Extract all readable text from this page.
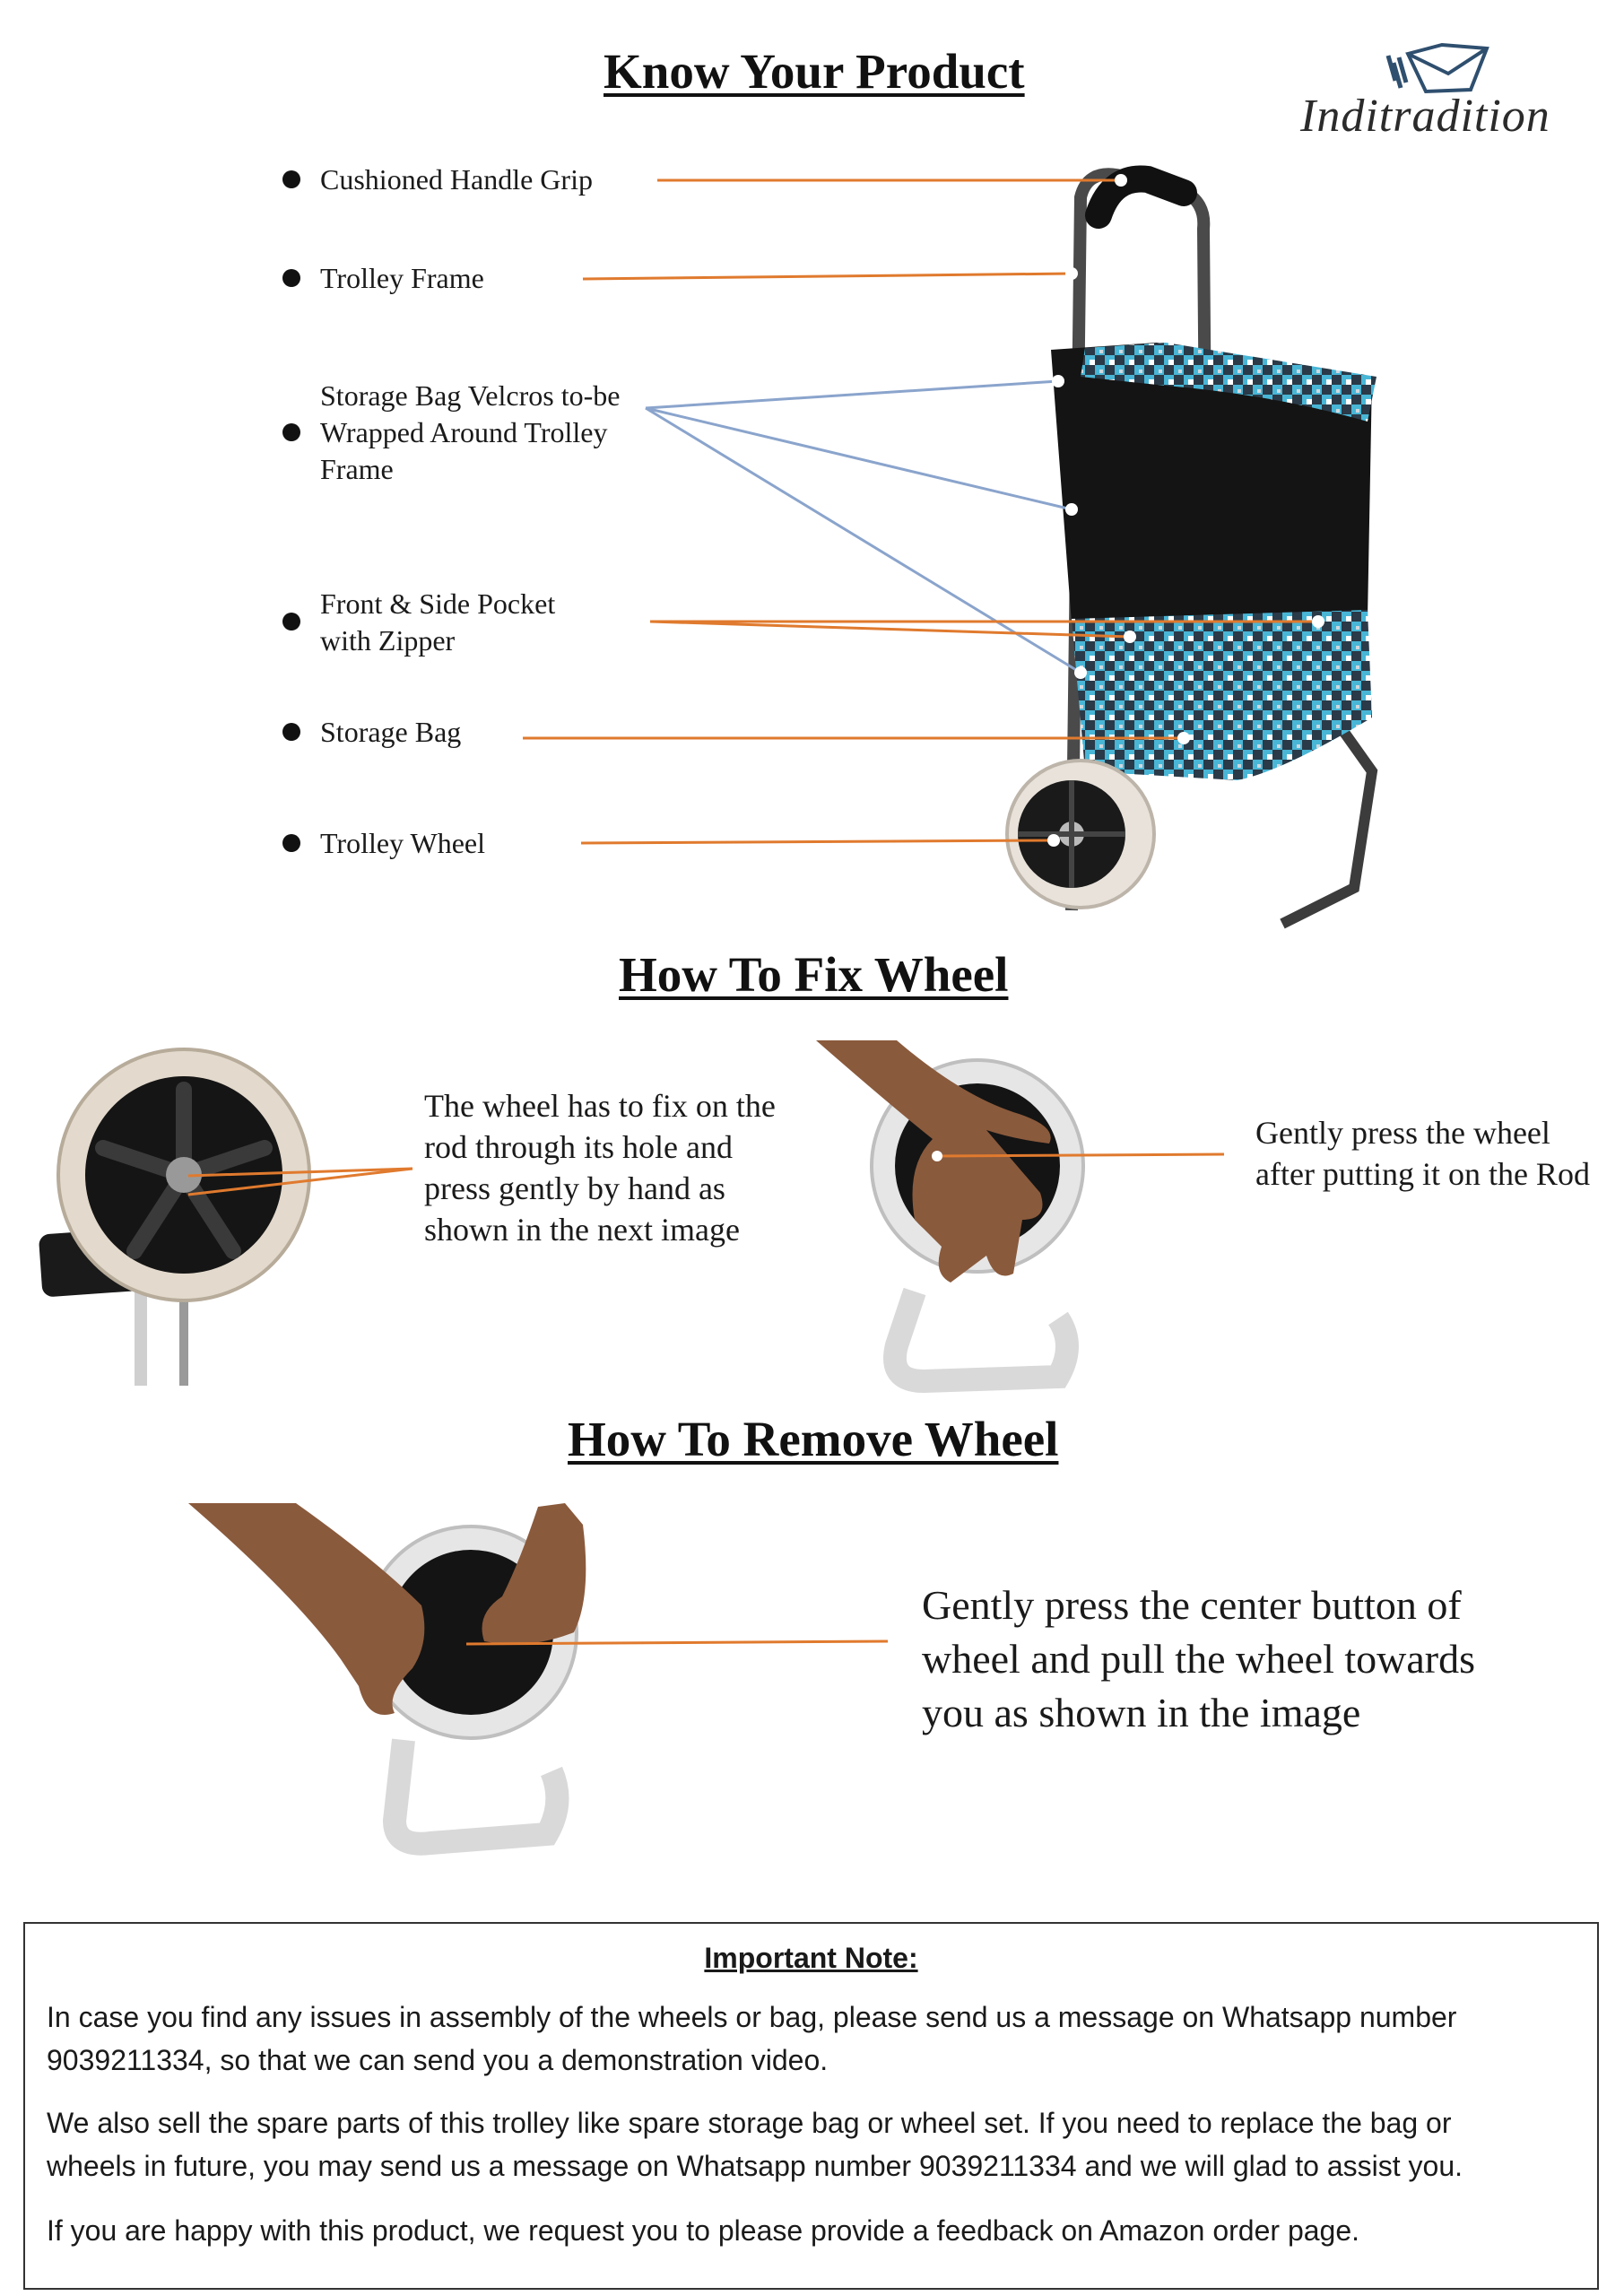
Know Your Product
How To Fix Wheel
How To Remove Wheel
Inditradition
Cushioned Handle Grip
Trolley Frame
Storage Bag Velcros to-be
Wrapped Around Trolley
Frame
Front & Side Pocket
with Zipper
Storage Bag
Trolley Wheel
The wheel has to fix on the
rod through its hole and
press gently by hand as
shown in the next image
Gently press the wheel
after putting it on the Rod
Gently press the center button of
wheel and pull the wheel towards
you as shown in the image
Important Note:
In case you find any issues in assembly of the wheels or bag, please send us a message on Whatsapp number
9039211334, so that we can send you a demonstration video.
We also sell the spare parts of this trolley like spare storage bag or wheel set. If you need to replace the bag or
wheels in future, you may send us a message on Whatsapp number 9039211334 and we will glad to assist you.
If you are happy with this product, we request you to please provide a feedback on Amazon order page.
